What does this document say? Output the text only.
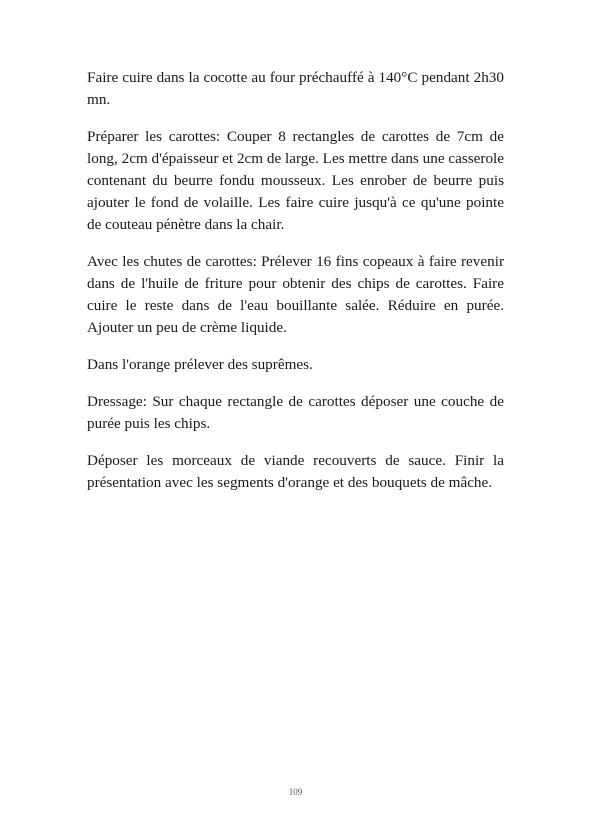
Faire cuire dans la cocotte au four préchauffé à 140°C pendant 2h30 mn.

Préparer les carottes: Couper 8 rectangles de carottes de 7cm de long, 2cm d'épaisseur et 2cm de large. Les mettre dans une casserole contenant du beurre fondu mousseux. Les enrober de beurre puis ajouter le fond de volaille. Les faire cuire jusqu'à ce qu'une pointe de couteau pénètre dans la chair.

Avec les chutes de carottes: Prélever 16 fins copeaux à faire revenir dans de l'huile de friture pour obtenir des chips de carottes. Faire cuire le reste dans de l'eau bouillante salée. Réduire en purée. Ajouter un peu de crème liquide.

Dans l'orange prélever des suprêmes.

Dressage: Sur chaque rectangle de carottes déposer une couche de purée puis les chips.

Déposer les morceaux de viande recouverts de sauce. Finir la présentation avec les segments d'orange et des bouquets de mâche.

109
